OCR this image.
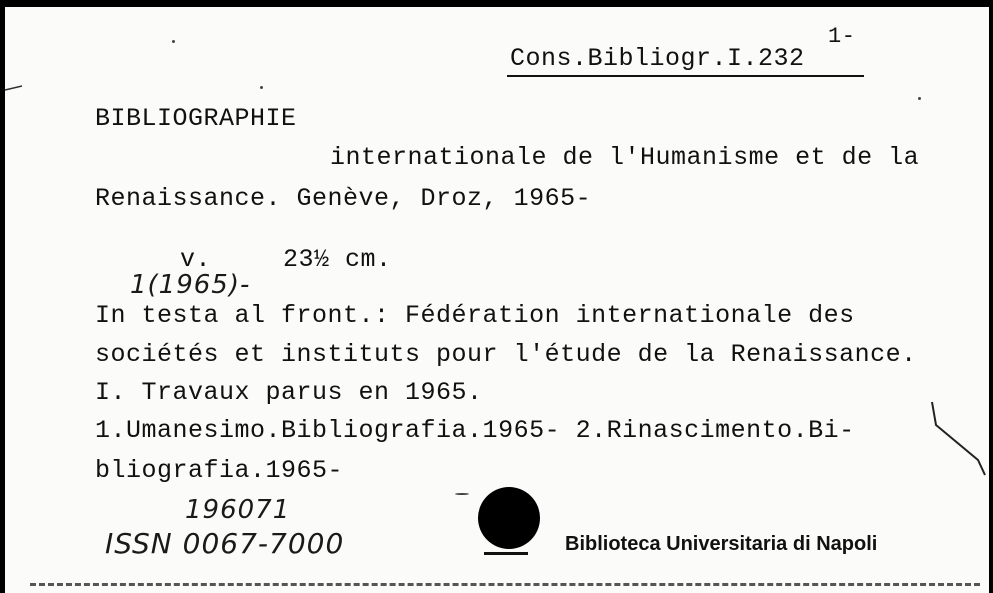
Cons.Bibliogr.I.232
1-
BIBLIOGRAPHIE
internationale de l'Humanisme et de la
Renaissance. Genève, Droz, 1965-
v.	23½ cm.
1(1965)-
In testa al front.: Fédération internationale des
sociétés et instituts pour l'étude de la Renaissance.
I. Travaux parus en 1965.
1.Umanesimo.Bibliografia.1965- 2.Rinascimento.Bi-
bliografia.1965-
196071
ISSN 0067-7000	Biblioteca Universitaria di Napoli
